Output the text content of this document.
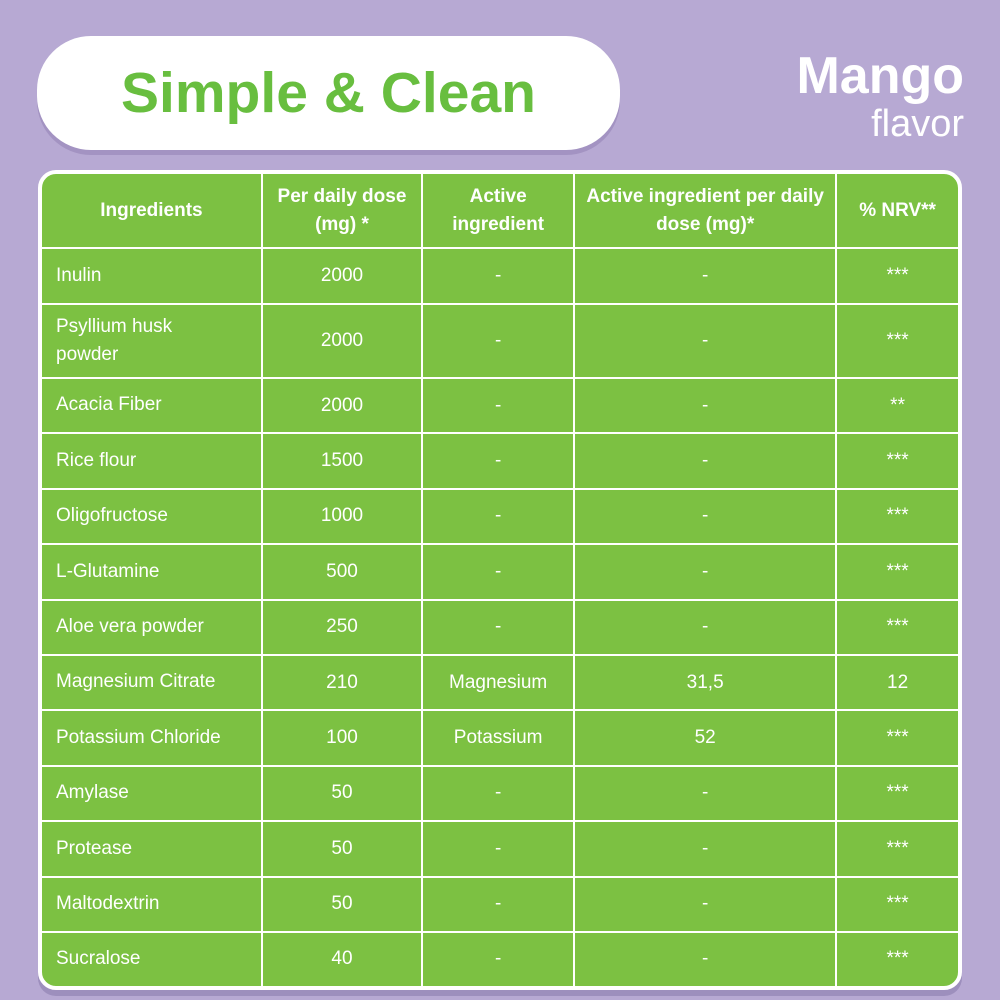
Simple & Clean	Mango
flavor
Ingredients	Per daily dose (mg) *	Active ingredient	Active ingredient per daily dose (mg)*	% NRV**
Inulin	2000	-	-	***
Psyllium husk powder	2000	-	-	***
Acacia Fiber	2000	-	-	**
Rice flour	1500	-	-	***
Oligofructose	1000	-	-	***
L-Glutamine	500	-	-	***
Aloe vera powder	250	-	-	***
Magnesium Citrate	210	Magnesium	31,5	12
Potassium Chloride	100	Potassium	52	***
Amylase	50	-	-	***
Protease	50	-	-	***
Maltodextrin	50	-	-	***
Sucralose	40	-	-	***
